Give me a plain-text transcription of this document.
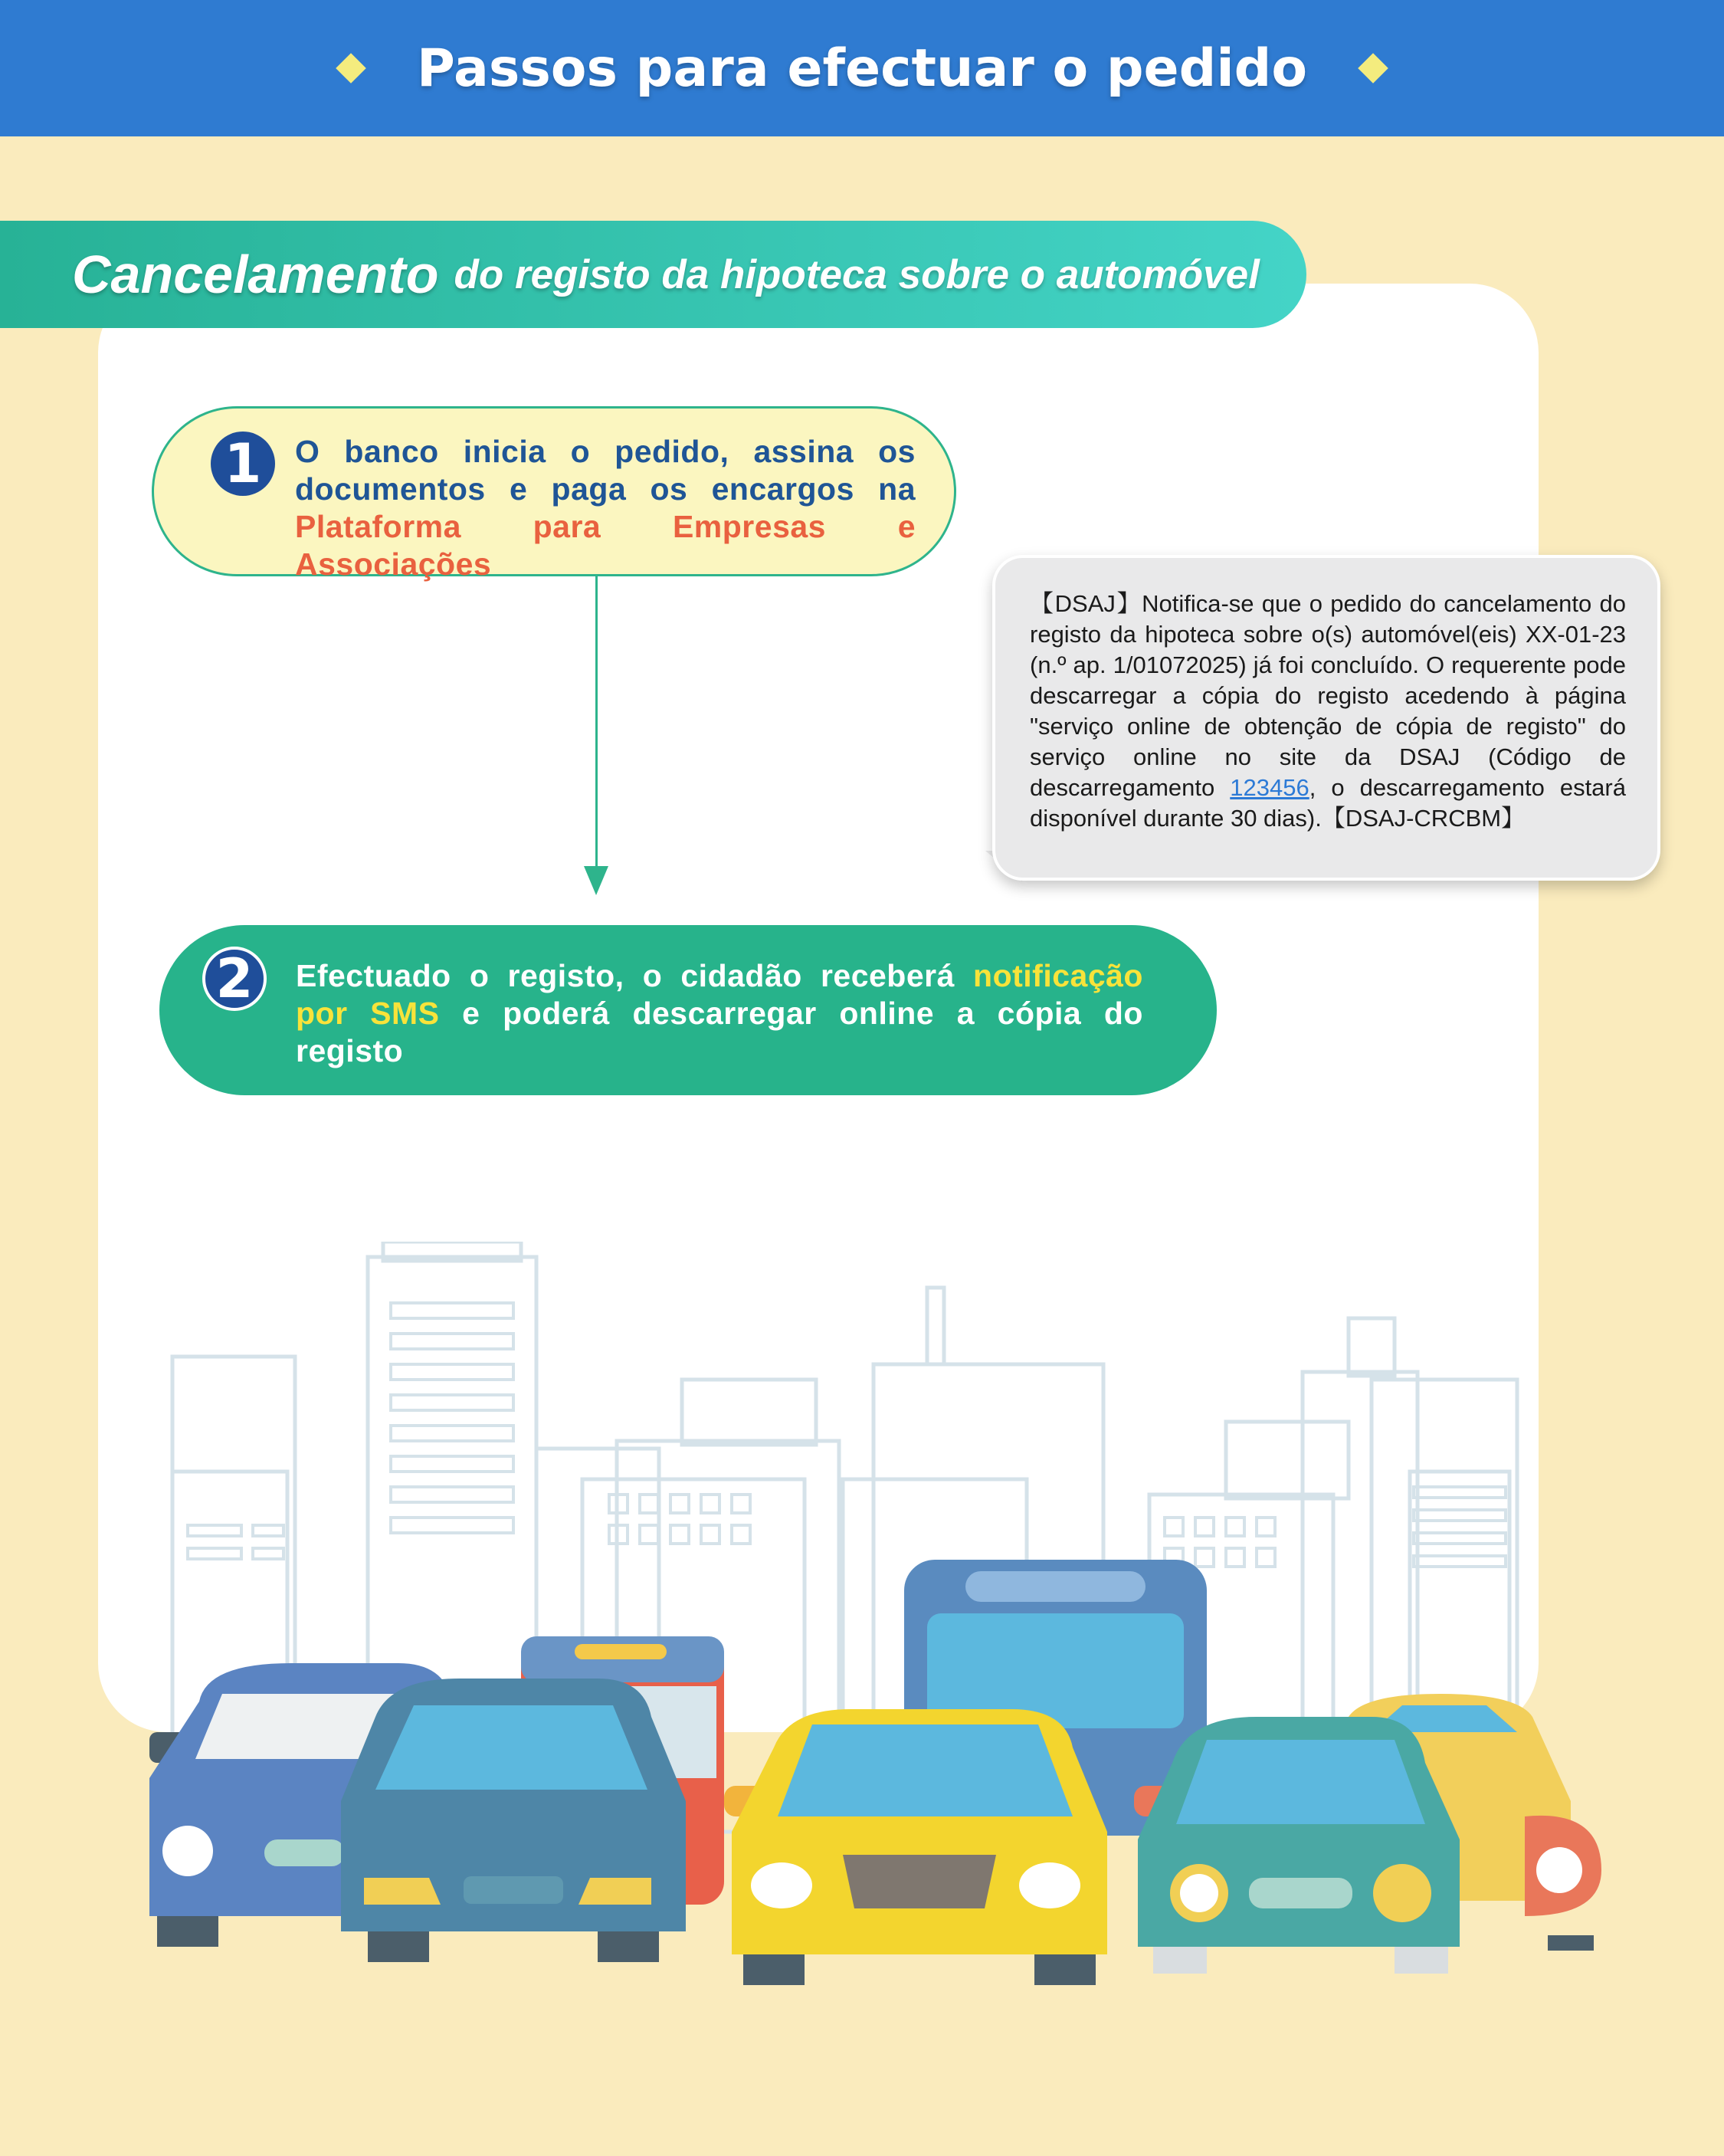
Passos para efectuar o pedido
Cancelamento do registo da hipoteca sobre o automóvel
1	O banco inicia o pedido, assina os documentos e paga os encargos na
Plataforma para Empresas e Associações
【DSAJ】Notifica-se que o pedido do cancelamento do registo da hipoteca sobre o(s) automóvel(eis) XX-01-23 (n.º ap. 1/01072025) já foi concluído. O requerente pode descarregar a cópia do registo acedendo à página "serviço online de obtenção de cópia de registo" do serviço online no site da DSAJ (Código de descarregamento 123456, o descarregamento estará disponível durante 30 dias).【DSAJ-CRCBM】
2	Efectuado o registo, o cidadão receberá notificação por SMS e poderá descarregar online a cópia do registo
